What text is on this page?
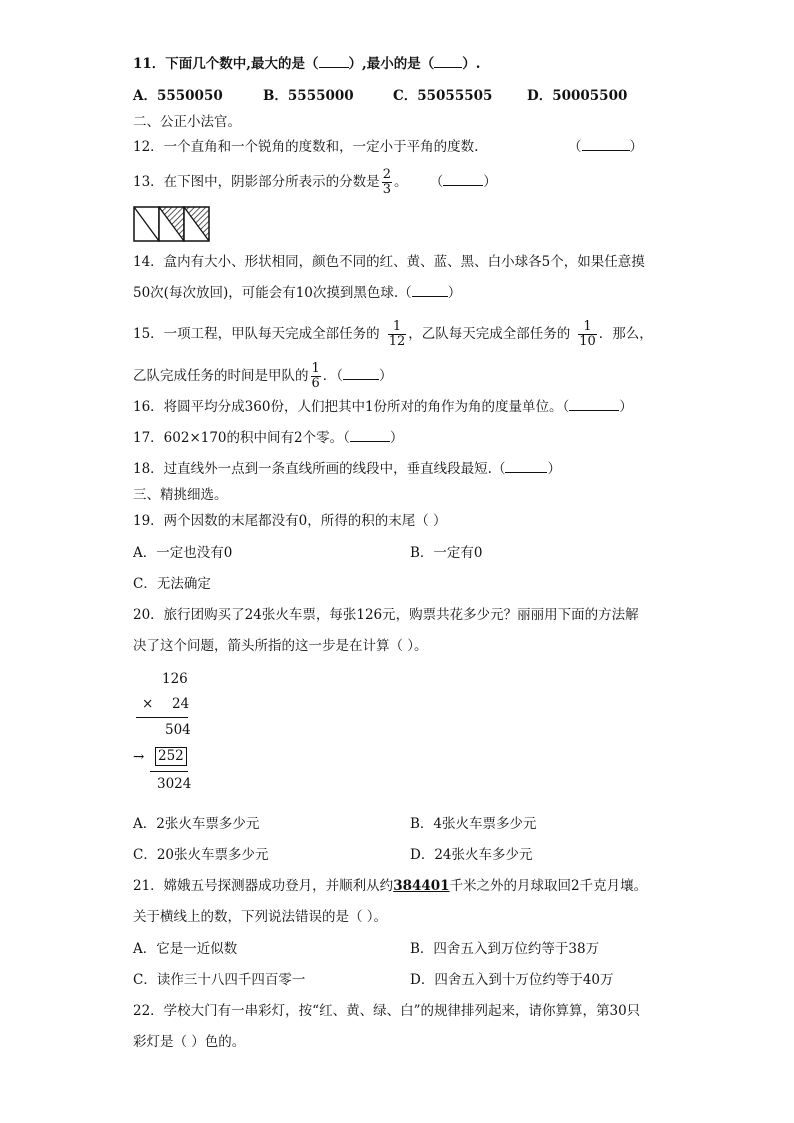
11．下面几个数中,最大的是（ ）,最小的是（ ）.
A．5550050	B．5555000	C．55055505	D．50005500
二、公正小法官。
12．一个直角和一个锐角的度数和，一定小于平角的度数.	（	）
13．在下图中，阴影部分所表示的分数是 $\frac{2}{3}$ 。 （	）
14．盒内有大小、形状相同，颜色不同的红、黄、蓝、黑、白小球各5个，如果任意摸
50次(每次放回)，可能会有10次摸到黑色球.（	）
15．一项工程，甲队每天完成全部任务的 $\frac{1}{12}$ ，乙队每天完成全部任务的 $\frac{1}{10}$ ．那么，
乙队完成任务的时间是甲队的 $\frac{1}{6}$ ．（	）
16．将圆平均分成360份，人们把其中1份所对的角作为角的度量单位。（	）
17．602×170的积中间有2个零。（	）
18．过直线外一点到一条直线所画的线段中，垂直线段最短.（	）
三、精挑细选。
19．两个因数的末尾都没有0，所得的积的末尾（ ）
A．一定也没有0	B．一定有0
C．无法确定
20．旅行团购买了24张火车票，每张126元，购票共花多少元？丽丽用下面的方法解
决了这个问题，箭头所指的这一步是在计算（ ）。
126
× 24
504
→ 252
3024
A．2张火车票多少元	B．4张火车票多少元
C．20张火车票多少元	D．24张火车多少元
21．嫦娥五号探测器成功登月，并顺利从约384401千米之外的月球取回2千克月壤。
关于横线上的数，下列说法错误的是（ ）。
A．它是一近似数	B．四舍五入到万位约等于38万
C．读作三十八四千四百零一	D．四舍五入到十万位约等于40万
22．学校大门有一串彩灯，按“红、黄、绿、白”的规律排列起来，请你算算，第30只
彩灯是（ ）色的。
